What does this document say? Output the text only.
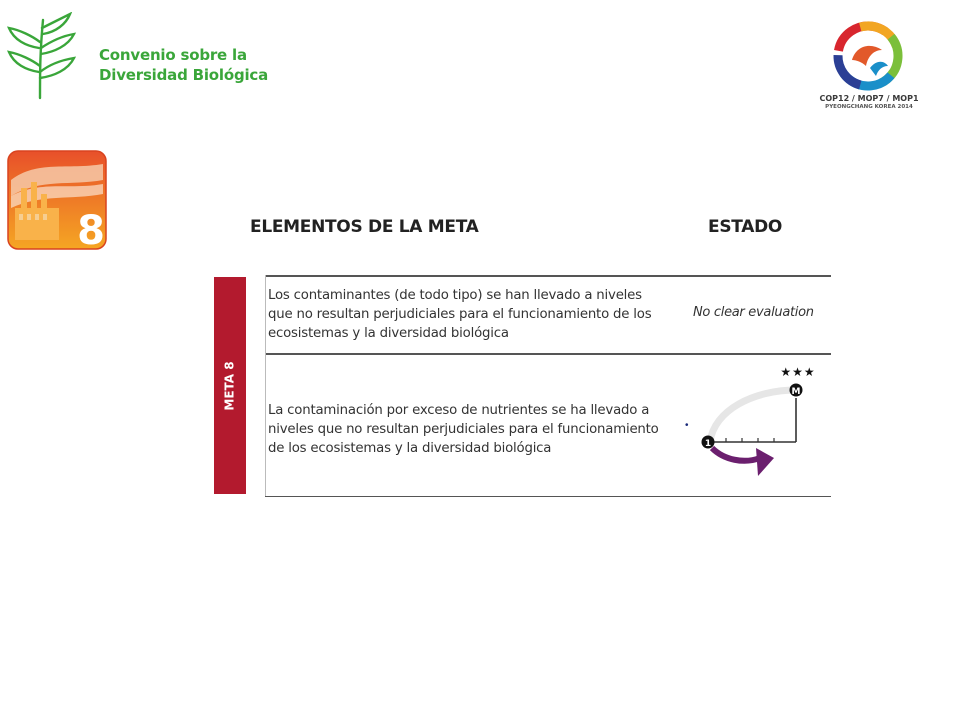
Convenio sobre la
Diversidad Biológica
COP12 / MOP7 / MOP1
PYEONGCHANG KOREA 2014
8	ELEMENTOS DE LA META	ESTADO
META 8
Los contaminantes (de todo tipo) se han llevado a niveles
que no resultan perjudiciales para el funcionamiento de los
ecosistemas y la diversidad biológica
No clear evaluation
La contaminación por exceso de nutrientes se ha llevado a
niveles que no resultan perjudiciales para el funcionamiento
de los ecosistemas y la diversidad biológica
•
1
M
★★★
